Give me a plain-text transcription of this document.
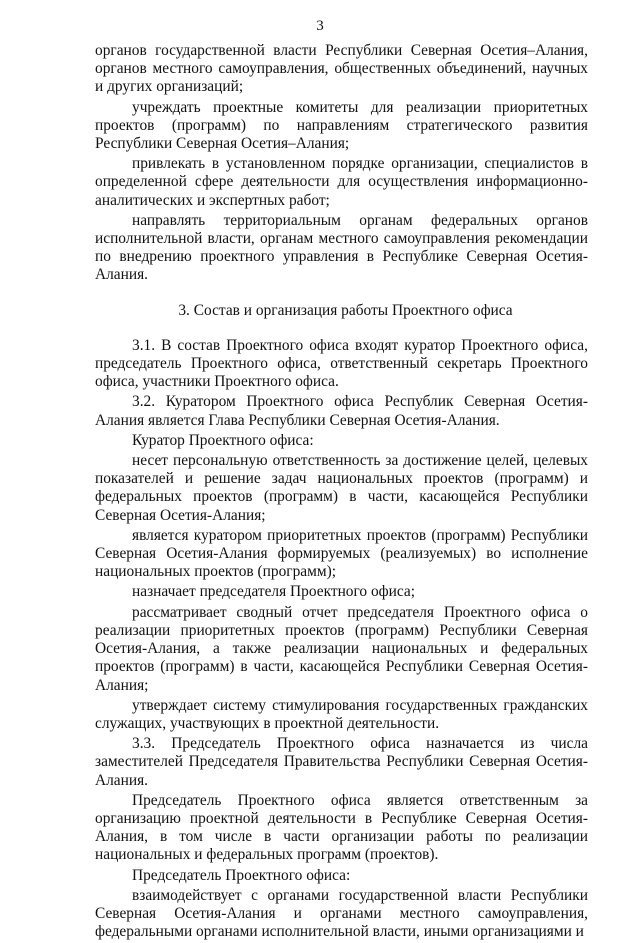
3

органов государственной власти Республики Северная Осетия–Алания, органов местного самоуправления, общественных объединений, научных и других организаций;

учреждать проектные комитеты для реализации приоритетных проектов (программ) по направлениям стратегического развития Республики Северная Осетия–Алания;

привлекать в установленном порядке организации, специалистов в определенной сфере деятельности для осуществления информационно-аналитических и экспертных работ;

направлять территориальным органам федеральных органов исполнительной власти, органам местного самоуправления рекомендации по внедрению проектного управления в Республике Северная Осетия-Алания.

3. Состав и организация работы Проектного офиса

3.1. В состав Проектного офиса входят куратор Проектного офиса, председатель Проектного офиса, ответственный секретарь Проектного офиса, участники Проектного офиса.

3.2. Куратором Проектного офиса Республик Северная Осетия-Алания является Глава Республики Северная Осетия-Алания.

Куратор Проектного офиса:

несет персональную ответственность за достижение целей, целевых показателей и решение задач национальных проектов (программ) и федеральных проектов (программ) в части, касающейся Республики Северная Осетия-Алания;

является куратором приоритетных проектов (программ) Республики Северная Осетия-Алания формируемых (реализуемых) во исполнение национальных проектов (программ);

назначает председателя Проектного офиса;

рассматривает сводный отчет председателя Проектного офиса о реализации приоритетных проектов (программ) Республики Северная Осетия-Алания, а также реализации национальных и федеральных проектов (программ) в части, касающейся Республики Северная Осетия-Алания;

утверждает систему стимулирования государственных гражданских служащих, участвующих в проектной деятельности.

3.3. Председатель Проектного офиса назначается из числа заместителей Председателя Правительства Республики Северная Осетия-Алания.

Председатель Проектного офиса является ответственным за организацию проектной деятельности в Республике Северная Осетия-Алания, в том числе в части организации работы по реализации национальных и федеральных программ (проектов).

Председатель Проектного офиса:

взаимодействует с органами государственной власти Республики Северная Осетия-Алания и органами местного самоуправления, федеральными органами исполнительной власти, иными организациями и
